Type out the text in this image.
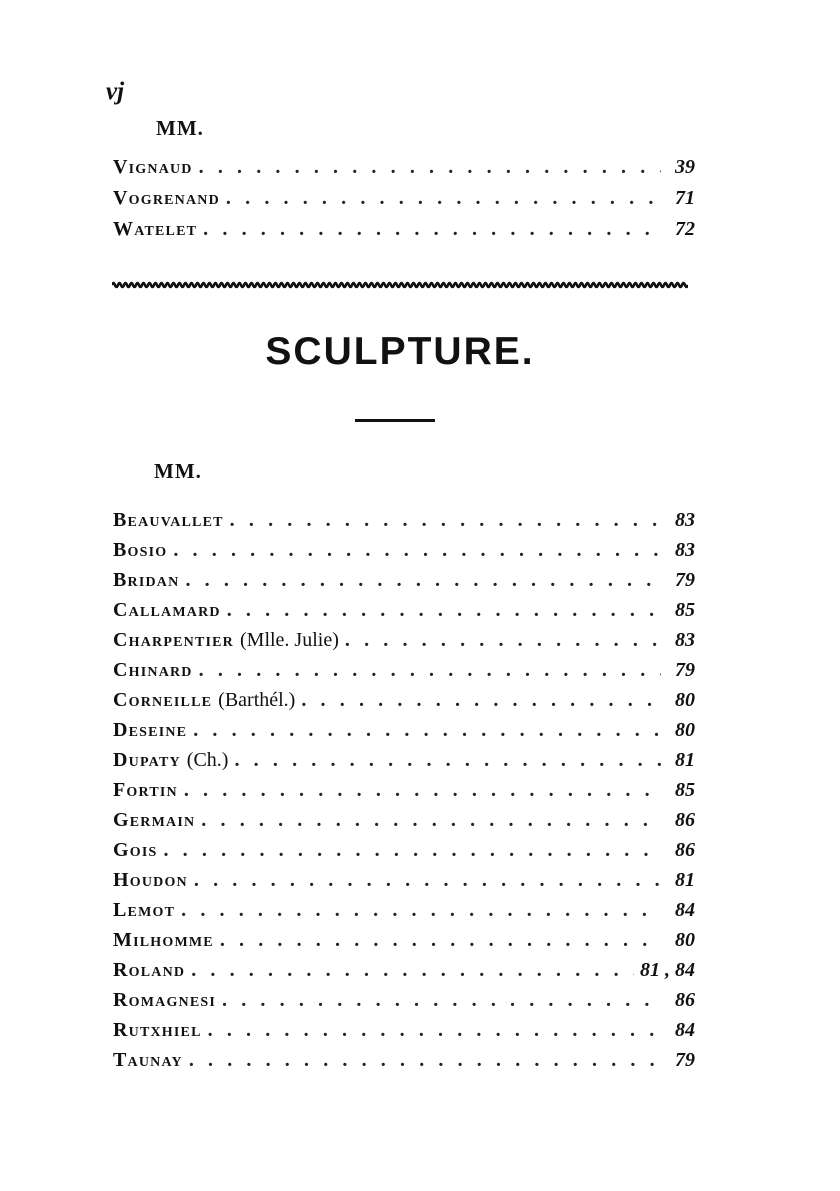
vj
MM.
Vignaud . . .	39
Vogrenand . . .	71
Watelet . . .	72
SCULPTURE.
MM.
Beauvallet . . .	83
Bosio . . .	83
Bridan . . .	79
Callamard . . .	85
Charpentier (Mlle. Julie) . . .	83
Chinard . . .	79
Corneille (Barthél.) . . .	80
Deseine . . .	80
Dupaty (Ch.) . . .	81
Fortin . . .	85
Germain . . .	86
Gois . . .	86
Houdon . . .	81
Lemot . . .	84
Milhomme . . .	80
Roland . . .	81 , 84
Romagnesi . . .	86
Rutxhiel . . .	84
Taunay . . .	79
